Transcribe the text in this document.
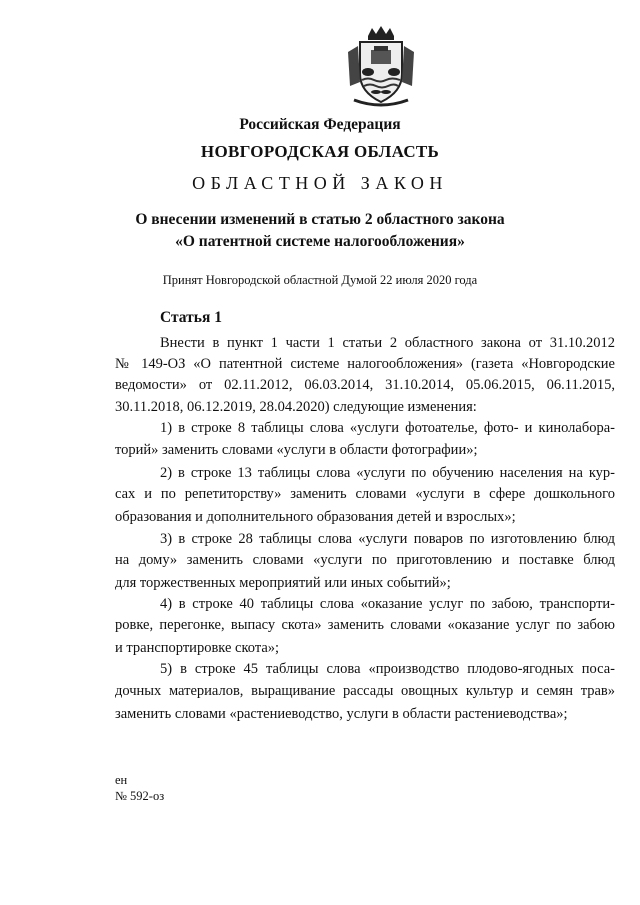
Российская Федерация
НОВГОРОДСКАЯ ОБЛАСТЬ
ОБЛАСТНОЙ ЗАКОН
О внесении изменений в статью 2 областного закона
«О патентной системе налогообложения»
Принят Новгородской областной Думой 22 июля 2020 года
Статья 1
Внести в пункт 1 части 1 статьи 2 областного закона от 31.10.2012
№ 149-ОЗ «О патентной системе налогообложения» (газета «Новгородские
ведомости» от 02.11.2012, 06.03.2014, 31.10.2014, 05.06.2015, 06.11.2015,
30.11.2018, 06.12.2019, 28.04.2020) следующие изменения:
1) в строке 8 таблицы слова «услуги фотоателье, фото- и кинолабора-
торий» заменить словами «услуги в области фотографии»;
2) в строке 13 таблицы слова «услуги по обучению населения на кур-
сах и по репетиторству» заменить словами «услуги в сфере дошкольного
образования и дополнительного образования детей и взрослых»;
3) в строке 28 таблицы слова «услуги поваров по изготовлению блюд
на дому» заменить словами «услуги по приготовлению и поставке блюд
для торжественных мероприятий или иных событий»;
4) в строке 40 таблицы слова «оказание услуг по забою, транспорти-
ровке, перегонке, выпасу скота» заменить словами «оказание услуг по забою
и транспортировке скота»;
5) в строке 45 таблицы слова «производство плодово-ягодных поса-
дочных материалов, выращивание рассады овощных культур и семян трав»
заменить словами «растениеводство, услуги в области растениеводства»;
ен
№ 592-оз
